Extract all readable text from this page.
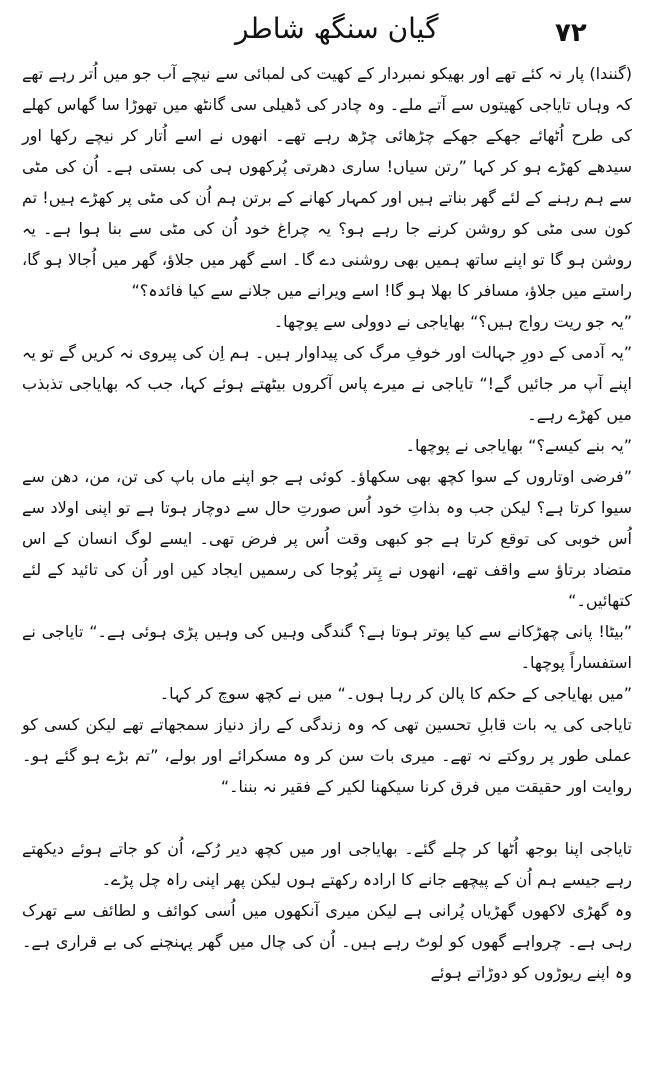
۷۲
گیان سنگھ شاطر

(گنندا) پار نہ کئے تھے اور بھیکو نمبردار کے کھیت کی لمبائی سے نیچے آب جو میں اُتر رہے تھے کہ وہاں تایاجی کھیتوں سے آتے ملے۔ وہ چادر کی ڈھیلی سی گانٹھ میں تھوڑا سا گھاس کھلے کی طرح اُٹھائے جھکے جھکے چڑھائی چڑھ رہے تھے۔ انھوں نے اسے اُتار کر نیچے رکھا اور سیدھے کھڑے ہو کر کہا ”رتن سیاں! ساری دھرتی پُرکھوں ہی کی بستی ہے۔ اُن کی مٹی سے ہم رہنے کے لئے گھر بناتے ہیں اور کمہار کھانے کے برتن ہم اُن کی مٹی پر کھڑے ہیں! تم کون سی مٹی کو روشن کرنے جا رہے ہو؟ یہ چراغ خود اُن کی مٹی سے بنا ہوا ہے۔ یہ روشن ہو گا تو اپنے ساتھ ہمیں بھی روشنی دے گا۔ اسے گھر میں جلاؤ، گھر میں اُجالا ہو گا، راستے میں جلاؤ، مسافر کا بھلا ہو گا! اسے ویرانے میں جلانے سے کیا فائدہ؟“

”یہ جو ریت رواج ہیں؟“ بھایاجی نے دوولی سے پوچھا۔

”یہ آدمی کے دورِ جہالت اور خوفِ مرگ کی پیداوار ہیں۔ ہم اِن کی پیروی نہ کریں گے تو یہ اپنے آپ مر جائیں گے!“ تایاجی نے میرے پاس آکروں بیٹھتے ہوئے کہا، جب کہ بھایاجی تذبذب میں کھڑے رہے۔

”یہ بنے کیسے؟“ بھایاجی نے پوچھا۔

”فرضی اوتاروں کے سوا کچھ بھی سکھاؤ۔ کوئی ہے جو اپنے ماں باپ کی تن، من، دھن سے سیوا کرتا ہے؟ لیکن جب وہ بذاتِ خود اُس صورتِ حال سے دوچار ہوتا ہے تو اپنی اولاد سے اُس خوبی کی توقع کرتا ہے جو کبھی وقت اُس پر فرض تھی۔ ایسے لوگ انسان کے اس متضاد برتاؤ سے واقف تھے، انھوں نے پِتر پُوجا کی رسمیں ایجاد کیں اور اُن کی تائید کے لئے کتھائیں۔“

”بیٹا! پانی چھڑکانے سے کیا پوتر ہوتا ہے؟ گندگی وہیں کی وہیں پڑی ہوئی ہے۔“ تایاجی نے استفساراً پوچھا۔

”میں بھایاجی کے حکم کا پالن کر رہا ہوں۔“ میں نے کچھ سوچ کر کہا۔

تایاجی کی یہ بات قابلِ تحسین تھی کہ وہ زندگی کے راز دنیاز سمجھاتے تھے لیکن کسی کو عملی طور پر روکتے نہ تھے۔ میری بات سن کر وہ مسکرائے اور بولے، ”تم بڑے ہو گئے ہو۔ روایت اور حقیقت میں فرق کرنا سیکھنا لکیر کے فقیر نہ بننا۔“

تایاجی اپنا بوجھ اُٹھا کر چلے گئے۔ بھایاجی اور میں کچھ دیر رُکے، اُن کو جاتے ہوئے دیکھتے رہے جیسے ہم اُن کے پیچھے جانے کا ارادہ رکھتے ہوں لیکن پھر اپنی راہ چل پڑے۔

وہ گھڑی لاکھوں گھڑیاں پُرانی ہے لیکن میری آنکھوں میں اُسی کوائف و لطائف سے تھرک رہی ہے۔ چرواہے گھوں کو لوٹ رہے ہیں۔ اُن کی چال میں گھر پہنچنے کی بے قراری ہے۔ وہ اپنے ریوڑوں کو دوڑاتے ہوئے
